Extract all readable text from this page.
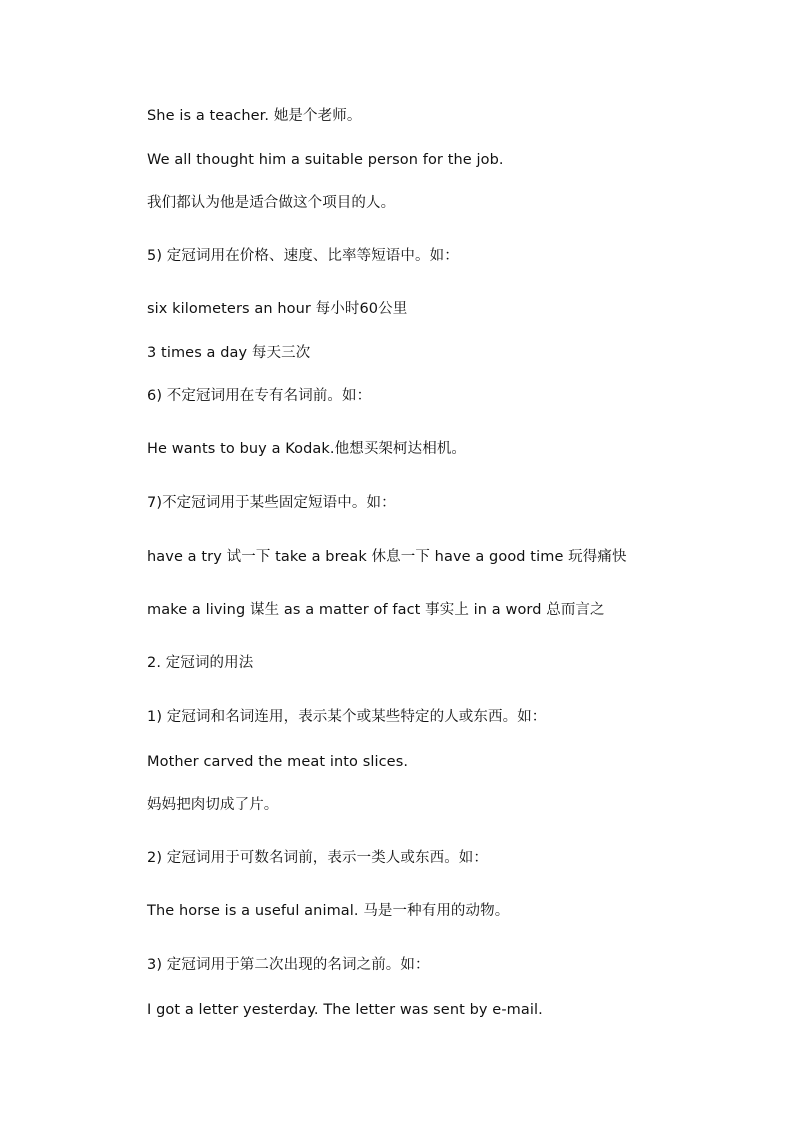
She is a teacher. 她是个老师。
We all thought him a suitable person for the job.
我们都认为他是适合做这个项目的人。
5) 定冠词用在价格、速度、比率等短语中。如：
six kilometers an hour 每小时60公里
3 times a day 每天三次
6) 不定冠词用在专有名词前。如：
He wants to buy a Kodak.他想买架柯达相机。
7)不定冠词用于某些固定短语中。如：
have a try 试一下 take a break 休息一下 have a good time 玩得痛快
make a living 谋生 as a matter of fact 事实上 in a word 总而言之
2. 定冠词的用法
1) 定冠词和名词连用，表示某个或某些特定的人或东西。如：
Mother carved the meat into slices.
妈妈把肉切成了片。
2) 定冠词用于可数名词前，表示一类人或东西。如：
The horse is a useful animal. 马是一种有用的动物。
3) 定冠词用于第二次出现的名词之前。如：
I got a letter yesterday. The letter was sent by e-mail.
